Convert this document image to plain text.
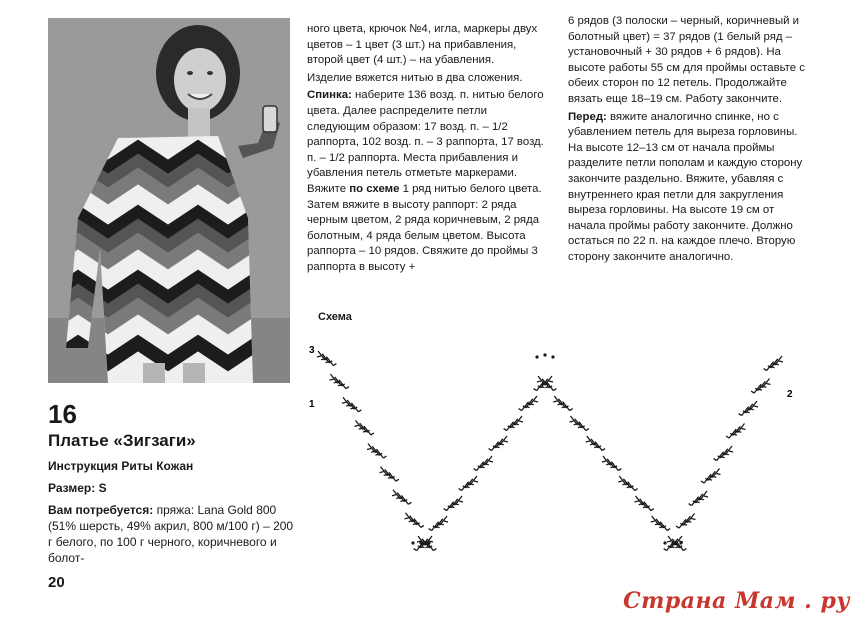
16
Платье «Зигзаги»
Инструкция Риты Кожан
Размер: S
Вам потребуется: пряжа: Lana Gold 800 (51% шерсть, 49% акрил, 800 м/100 г) – 200 г белого, по 100 г черного, коричневого и болот-
20

ного цвета, крючок №4, игла, маркеры двух цветов – 1 цвет (3 шт.) на прибавления, второй цвет (4 шт.) – на убавления.

Изделие вяжется нитью в два сложения.

Спинка: наберите 136 возд. п. нитью белого цвета. Далее распределите петли следующим образом: 17 возд. п. – 1/2 раппорта, 102 возд. п. – 3 раппорта, 17 возд. п. – 1/2 раппорта. Места прибавления и убавления петель отметьте маркерами. Вяжите по схеме 1 ряд нитью белого цвета. Затем вяжите в высоту раппорт: 2 ряда черным цветом, 2 ряда коричневым, 2 ряда болотным, 4 ряда белым цветом. Высота раппорта – 10 рядов. Свяжите до проймы 3 раппорта в высоту +

6 рядов (3 полоски – черный, коричневый и болотный цвет) = 37 рядов (1 белый ряд – установочный + 30 рядов + 6 рядов). На высоте работы 55 см для проймы оставьте с обеих сторон по 12 петель. Продолжайте вязать еще 18–19 см. Работу закончите.

Перед: вяжите аналогично спинке, но с убавлением петель для выреза горловины. На высоте 12–13 см от начала проймы разделите петли пополам и каждую сторону закончите раздельно. Вяжите, убавляя с внутреннего края петли для закругления выреза горловины. На высоте 19 см от начала проймы работу закончите. Должно остаться по 22 п. на каждое плечо. Вторую сторону закончите аналогично.

Схема
3
1
2
Страна Мам . ру
